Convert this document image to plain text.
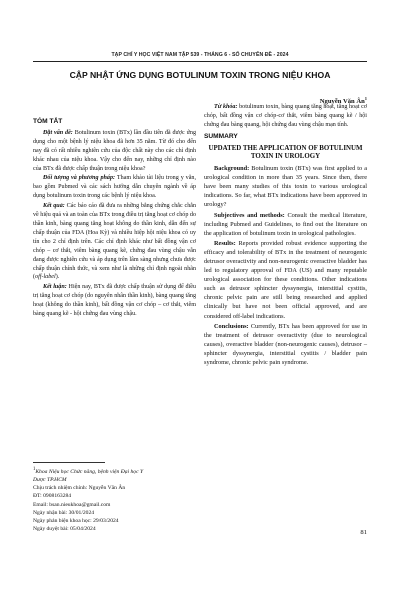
TẠP CHÍ Y HỌC VIỆT NAM TẬP 539 - THÁNG 6 - SỐ CHUYÊN ĐỀ - 2024
CẬP NHẬT ỨNG DỤNG BOTULINUM TOXIN TRONG NIỆU KHOA
Nguyễn Văn $Ân^1$
TÓM TẮT

Đặt vấn đề: Botulinum toxin (BTx) lần đầu tiên đã được ứng dụng cho một bệnh lý niệu khoa đã hơn 35 năm. Từ đó cho đến nay đã có rất nhiều nghiên cứu của độc chất này cho các chỉ định khác nhau của niệu khoa. Vậy cho đến nay, những chỉ định nào của BTx đã được chấp thuận trong niệu khoa?

Đối tượng và phương pháp: Tham khảo tài liệu trong y văn, bao gồm Pubmed và các sách hướng dẫn chuyên ngành về áp dụng botulinum toxin trong các bệnh lý niệu khoa.

Kết quả: Các báo cáo đã đưa ra những bằng chứng chắc chắn về hiệu quả và an toàn của BTx trong điều trị tăng hoạt cơ chóp do thần kinh, bàng quang tăng hoạt không do thần kinh, dẫn đến sự chấp thuận của FDA (Hoa Kỳ) và nhiều hiệp hội niệu khoa có uy tín cho 2 chỉ định trên. Các chỉ định khác như bất đồng vận cơ chóp – cơ thắt, viêm bàng quang kẽ, chứng đau vùng chậu vẫn đang được nghiên cứu và áp dụng trên lâm sàng nhưng chưa được chấp thuận chính thức, và xem như là những chỉ định ngoài nhãn (off-label).

Kết luận: Hiện nay, BTx đã được chấp thuận sử dụng để điều trị tăng hoạt cơ chóp (do nguyên nhân thần kinh), bàng quang tăng hoạt (không do thần kinh), bất đồng vận cơ chóp – cơ thắt, viêm bàng quang kẽ - hội chứng đau vùng chậu.

Từ khóa: botulinum toxin, bàng quang tăng hoạt, tăng hoạt cơ chóp, bất đồng vận cơ chóp-cơ thắt, viêm bàng quang kẽ / hội chứng đau bàng quang, hội chứng đau vùng chậu mạn tính.

SUMMARY
UPDATED THE APPLICATION OF BOTULINUM TOXIN IN UROLOGY

Background: Botulinum toxin (BTx) was first applied to a urological condition in more than 35 years. Since then, there have been many studies of this toxin to various urological indications. So far, what BTx indications have been approved in urology?

Subjectives and methods: Consult the medical literature, including Pubmed and Guidelines, to find out the literature on the application of botulinum toxin in urological pathologies.

Results: Reports provided robust evidence supporting the efficacy and tolerability of BTx in the treatment of neurogenic detrusor overactivity and non-neurogenic overactive bladder has led to regulatory approval of FDA (US) and many reputable urological association for these conditions. Other indications such as detrusor sphincter dyssynergia, interstitial cystitis, chronic pelvic pain are still being researched and applied clinically but have not been official approved, and are considered off-label indications.

Conclusions: Currently, BTx has been approved for use in the treatment of detrusor overactivity (due to neurological causes), overactive bladder (non-neurogenic causes), detrusor – sphincter dyssynergia, interstitial cystitis / bladder pain syndrome, chronic pelvic pain syndrome.

$^1$Khoa Niệu học Chức năng, bệnh viện Đại học Y
Dược TP.HCM
Chịu trách nhiệm chính: Nguyễn Văn Ân
ĐT: 0908163284
Email: bsan.nieukhoa@gmail.com
Ngày nhận bài: 30/01/2024
Ngày phản biện khoa học: 29/03/2024
Ngày duyệt bài: 05/04/2024	81
